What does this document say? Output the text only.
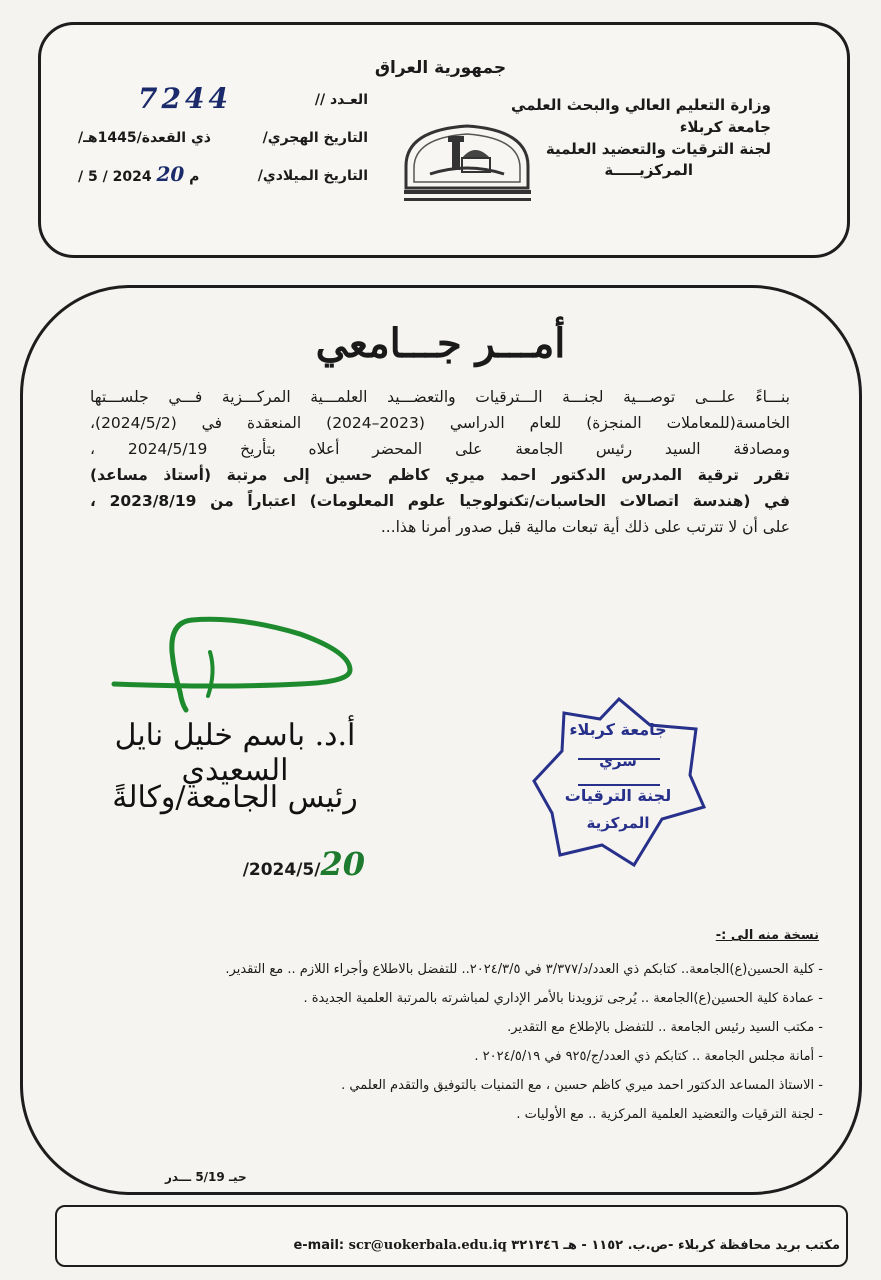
جمهورية العراق
وزارة التعليم العالي والبحث العلمي
جامعة كربلاء
لجنة الترقيات والتعضيد العلمية
المركزيـــــة
العـدد //
7244
التاريخ الهجري/
/ذي القعدة/1445هـ
التاريخ الميلادي/
/ 5 / 2024 م 20
أمـــر جـــامعي

بنـــاءً علـــى توصـــية لجنـــة الـــترقيات والتعضـــيد العلمـــية المركـــزية فـــي جلســـتها

الخامسة(للمعاملات المنجزة) للعام الدراسي (2023–2024) المنعقدة في (2024/5/2)،

ومصادقة السيد رئيس الجامعة على المحضر أعلاه بتأريخ 2024/5/19 ،

تقرر ترقية المدرس الدكتور احمد ميري كاظم حسين إلى مرتبة (أستاذ مساعد)

في (هندسة اتصالات الحاسبات/تكنولوجيا علوم المعلومات) اعتباراً من 2023/8/19 ،

على أن لا تترتب على ذلك أية تبعات مالية قبل صدور أمرنا هذا...

أ.د. باسم خليل نايل السعيدي
رئيس الجامعة/وكالةً
/2024/5/20
جامعة كربلاء
سري
لجنة الترقيات
المركزية
نسخة منه الى :-
- كلية الحسين(ع)الجامعة.. كتابكم ذي العدد/د/٣/٣٧٧ في ٢٠٢٤/٣/٥.. للتفضل بالاطلاع وأجراء اللازم .. مع التقدير.
- عمادة كلية الحسين(ع)الجامعة .. يُرجى تزويدنا بالأمر الإداري لمباشرته بالمرتبة العلمية الجديدة .
- مكتب السيد رئيس الجامعة .. للتفضل بالإطلاع مع التقدير.
- أمانة مجلس الجامعة .. كتابكم ذي العدد/ج/٩٢٥ في ٢٠٢٤/٥/١٩ .
- الاستاذ المساعد الدكتور احمد ميري كاظم حسين ، مع التمنيات بالتوفيق والتقدم العلمي .
- لجنة الترقيات والتعضيد العلمية المركزية .. مع الأوليات .
حيـ 5/19 ـــدر
مكتب بريد محافظة كربلاء -ص.ب. ١١٥٢ - هـ ٣٢١٣٤٦ e-mail: scr@uokerbala.edu.iq
